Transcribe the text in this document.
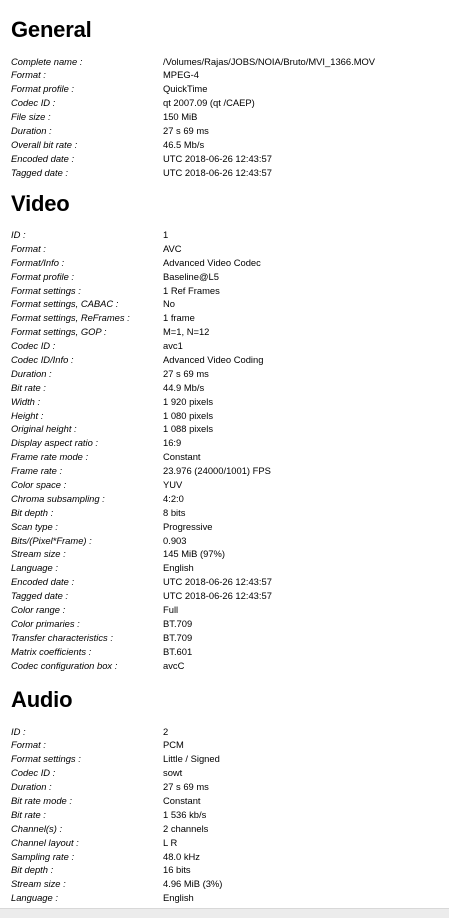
General
Complete name :	/Volumes/Rajas/JOBS/NOIA/Bruto/MVI_1366.MOV
Format :	MPEG-4
Format profile :	QuickTime
Codec ID :	qt 2007.09 (qt /CAEP)
File size :	150 MiB
Duration :	27 s 69 ms
Overall bit rate :	46.5 Mb/s
Encoded date :	UTC 2018-06-26 12:43:57
Tagged date :	UTC 2018-06-26 12:43:57
Video
ID :	1
Format :	AVC
Format/Info :	Advanced Video Codec
Format profile :	Baseline@L5
Format settings :	1 Ref Frames
Format settings, CABAC :	No
Format settings, ReFrames :	1 frame
Format settings, GOP :	M=1, N=12
Codec ID :	avc1
Codec ID/Info :	Advanced Video Coding
Duration :	27 s 69 ms
Bit rate :	44.9 Mb/s
Width :	1 920 pixels
Height :	1 080 pixels
Original height :	1 088 pixels
Display aspect ratio :	16:9
Frame rate mode :	Constant
Frame rate :	23.976 (24000/1001) FPS
Color space :	YUV
Chroma subsampling :	4:2:0
Bit depth :	8 bits
Scan type :	Progressive
Bits/(Pixel*Frame) :	0.903
Stream size :	145 MiB (97%)
Language :	English
Encoded date :	UTC 2018-06-26 12:43:57
Tagged date :	UTC 2018-06-26 12:43:57
Color range :	Full
Color primaries :	BT.709
Transfer characteristics :	BT.709
Matrix coefficients :	BT.601
Codec configuration box :	avcC
Audio
ID :	2
Format :	PCM
Format settings :	Little / Signed
Codec ID :	sowt
Duration :	27 s 69 ms
Bit rate mode :	Constant
Bit rate :	1 536 kb/s
Channel(s) :	2 channels
Channel layout :	L R
Sampling rate :	48.0 kHz
Bit depth :	16 bits
Stream size :	4.96 MiB (3%)
Language :	English
